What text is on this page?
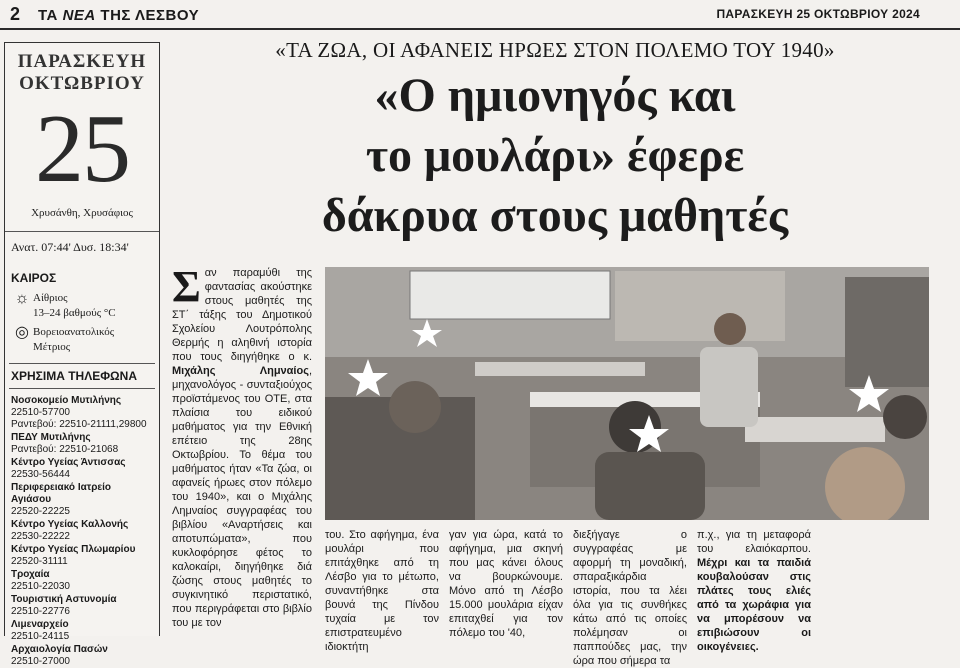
2 ΤΑ ΝΕΑ ΤΗΣ ΛΕΣΒΟΥ	ΠΑΡΑΣΚΕΥΗ 25 ΟΚΤΩΒΡΙΟΥ 2024
ΠΑΡΑΣΚΕΥΗ
ΟΚΤΩΒΡΙΟΥ
25
Χρυσάνθη, Χρυσάφιος
Ανατ. 07:44' Δυσ. 18:34'
ΚΑΙΡΟΣ
☼ Αίθριος
13–24 βαθμούς °C
◎ Βορειοανατολικός
Μέτριος
ΧΡΗΣΙΜΑ ΤΗΛΕΦΩΝΑ
Νοσοκομείο Μυτιλήνης
22510-57700
Ραντεβού: 22510-21111,29800
ΠΕΔΥ Μυτιλήνης
Ραντεβού: 22510-21068
Κέντρο Υγείας Άντισσας
22530-56444
Περιφερειακό Ιατρείο Αγιάσου
22520-22225
Κέντρο Υγείας Καλλονής
22530-22222
Κέντρο Υγείας Πλωμαρίου
22520-31111
Τροχαία
22510-22030
Τουριστική Αστυνομία
22510-22776
Λιμεναρχείο
22510-24115
Αρχαιολογία Πασών
22510-27000
«ΤΑ ΖΩΑ, ΟΙ ΑΦΑΝΕΙΣ ΗΡΩΕΣ ΣΤΟΝ ΠΟΛΕΜΟ ΤΟΥ 1940»
«Ο ημιονηγός και
το μουλάρι» έφερε
δάκρυα στους μαθητές
Σαν παραμύθι της φαντασίας ακούστηκε στους μαθητές της ΣΤ΄ τάξης του Δημοτικού Σχολείου Λουτρόπολης Θερμής η αληθινή ιστορία που τους διηγήθηκε ο κ. Μιχάλης Λημναίος, μηχανολόγος - συνταξιούχος προϊστάμενος του ΟΤΕ, στα πλαίσια του ειδικού μαθήματος για την Εθνική επέτειο της 28ης Οκτωβρίου. Το θέμα του μαθήματος ήταν «Τα ζώα, οι αφανείς ήρωες στον πόλεμο του 1940», και ο Μιχάλης Λημναίος συγγραφέας του βιβλίου «Αναρτήσεις και αποτυπώματα», που κυκλοφόρησε φέτος το καλοκαίρι, διηγήθηκε διά ζώσης στους μαθητές το συγκινητικό περιστατικό, που περιγράφεται στο βιβλίο του με τον
του. Στο αφήγημα, ένα μουλάρι που επιτάχθηκε από τη Λέσβο για το μέτωπο, συναντήθηκε στα βουνά της Πίνδου τυχαία με τον επιστρατευμένο ιδιοκτήτη
γαν για ώρα, κατά το αφήγημα, μια σκηνή που μας κάνει όλους να βουρκώνουμε. Μόνο από τη Λέσβο 15.000 μουλάρια είχαν επιταχθεί για τον πόλεμο του '40,
διεξήγαγε ο συγγραφέας με αφορμή τη μοναδική, σπαραξικάρδια ιστορία, που τα λέει όλα για τις συνθήκες κάτω από τις οποίες πολέμησαν οι παππούδες μας, την ώρα που σήμερα τα
π.χ., για τη μεταφορά του ελαιόκαρπου. Μέχρι και τα παιδιά κουβαλούσαν στις πλάτες τους ελιές από τα χωράφια για να μπορέσουν να επιβιώσουν οι οικογένειες.
